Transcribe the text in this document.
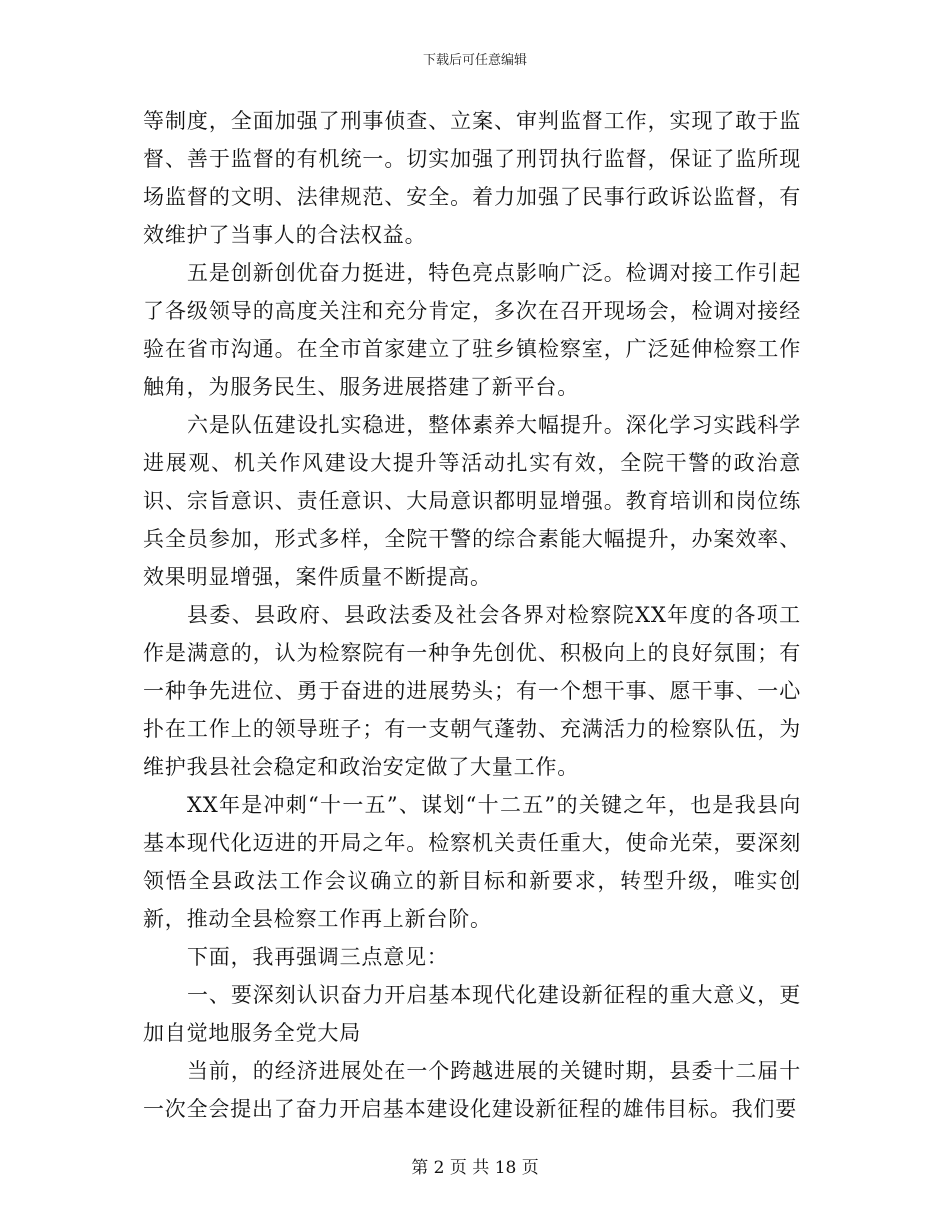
下载后可任意编辑

等制度，全面加强了刑事侦查、立案、审判监督工作，实现了敢于监督、善于监督的有机统一。切实加强了刑罚执行监督，保证了监所现场监督的文明、法律规范、安全。着力加强了民事行政诉讼监督，有效维护了当事人的合法权益。

五是创新创优奋力挺进，特色亮点影响广泛。检调对接工作引起了各级领导的高度关注和充分肯定，多次在召开现场会，检调对接经验在省市沟通。在全市首家建立了驻乡镇检察室，广泛延伸检察工作触角，为服务民生、服务进展搭建了新平台。

六是队伍建设扎实稳进，整体素养大幅提升。深化学习实践科学进展观、机关作风建设大提升等活动扎实有效，全院干警的政治意识、宗旨意识、责任意识、大局意识都明显增强。教育培训和岗位练兵全员参加，形式多样，全院干警的综合素能大幅提升，办案效率、效果明显增强，案件质量不断提高。

县委、县政府、县政法委及社会各界对检察院XX年度的各项工作是满意的，认为检察院有一种争先创优、积极向上的良好氛围；有一种争先进位、勇于奋进的进展势头；有一个想干事、愿干事、一心扑在工作上的领导班子；有一支朝气蓬勃、充满活力的检察队伍，为维护我县社会稳定和政治安定做了大量工作。

XX年是冲刺“十一五”、谋划“十二五”的关键之年，也是我县向基本现代化迈进的开局之年。检察机关责任重大，使命光荣，要深刻领悟全县政法工作会议确立的新目标和新要求，转型升级，唯实创新，推动全县检察工作再上新台阶。

下面，我再强调三点意见：

一、要深刻认识奋力开启基本现代化建设新征程的重大意义，更加自觉地服务全党大局

当前，的经济进展处在一个跨越进展的关键时期，县委十二届十一次全会提出了奋力开启基本建设化建设新征程的雄伟目标。我们要

第 2 页 共 18 页
